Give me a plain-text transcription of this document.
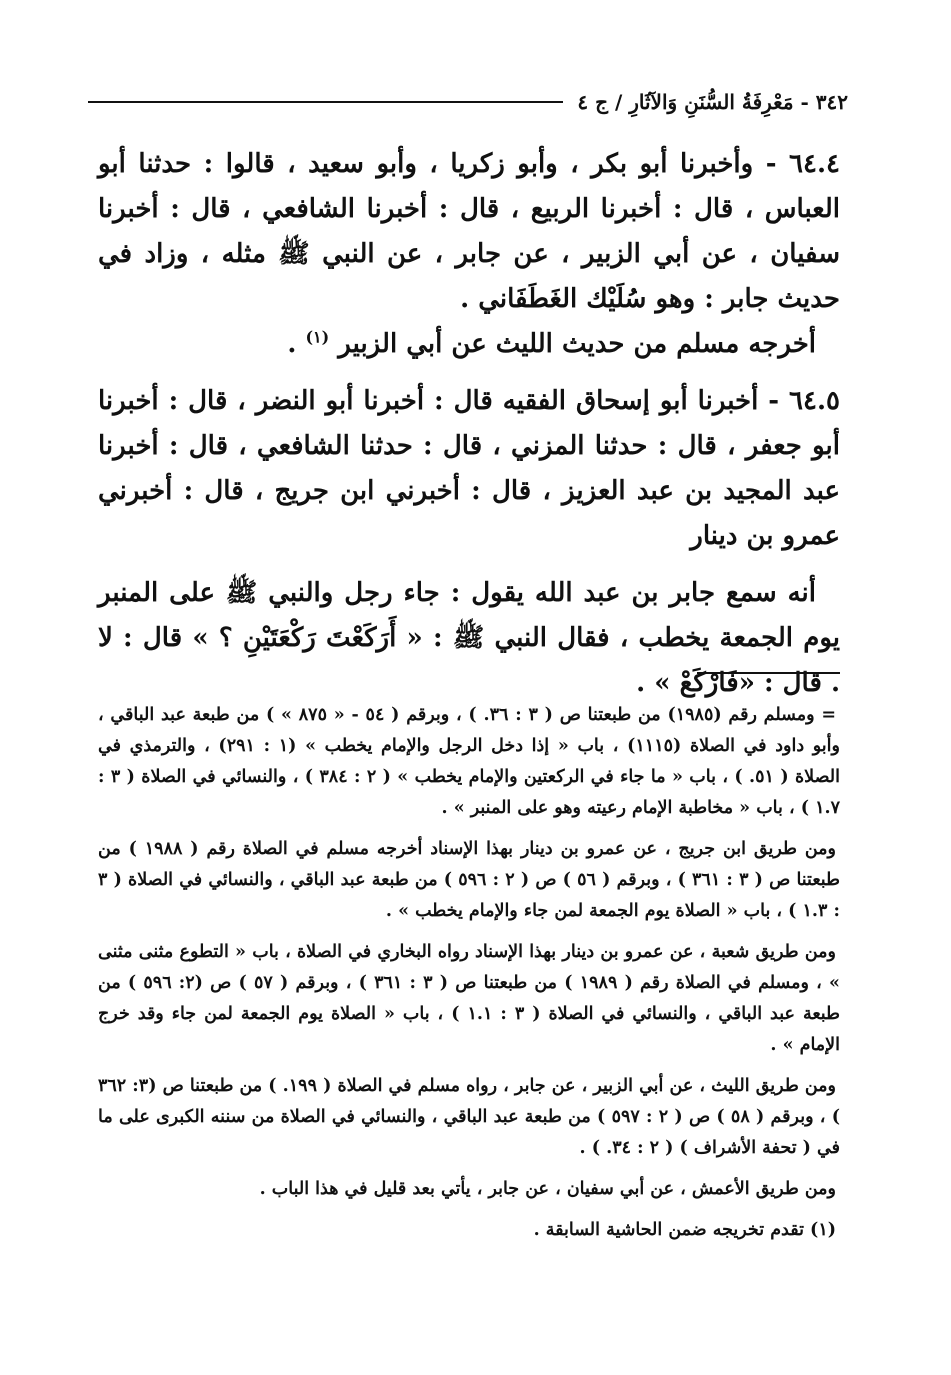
٣٤٢ - مَعْرِفَةُ السُّنَنِ وَالآثَارِ / ج ٤

٦٤.٤ - وأخبرنا أبو بكر ، وأبو زكريا ، وأبو سعيد ، قالوا : حدثنا أبو العباس ، قال : أخبرنا الربيع ، قال : أخبرنا الشافعي ، قال : أخبرنا سفيان ، عن أبي الزبير ، عن جابر ، عن النبي ﷺ مثله ، وزاد في حديث جابر : وهو سُلَيْك الغَطَفَاني .

أخرجه مسلم من حديث الليث عن أبي الزبير $^{(١)}$ .

٦٤.٥ - أخبرنا أبو إسحاق الفقيه قال : أخبرنا أبو النضر ، قال : أخبرنا أبو جعفر ، قال : حدثنا المزني ، قال : حدثنا الشافعي ، قال : أخبرنا عبد المجيد بن عبد العزيز ، قال : أخبرني ابن جريج ، قال : أخبرني عمرو بن دينار

أنه سمع جابر بن عبد الله يقول : جاء رجل والنبي ﷺ على المنبر يوم الجمعة يخطب ، فقال النبي ﷺ : « أَرَكَعْتَ رَكْعَتَيْنِ ؟ » قال : لا . قال : «فَارْكَعْ » .

= ومسلم رقم (١٩٨٥) من طبعتنا ص ( ٣ : ٣٦. ) ، وبرقم ( ٥٤ - « ٨٧٥ » ) من طبعة عبد الباقي ، وأبو داود في الصلاة (١١١٥) ، باب « إذا دخل الرجل والإمام يخطب » (١ : ٢٩١) ، والترمذي في الصلاة ( ٥١. ) ، باب « ما جاء في الركعتين والإمام يخطب » ( ٢ : ٣٨٤ ) ، والنسائي في الصلاة ( ٣ : ١.٧ ) ، باب « مخاطبة الإمام رعيته وهو على المنبر » .

ومن طريق ابن جريج ، عن عمرو بن دينار بهذا الإسناد أخرجه مسلم في الصلاة رقم ( ١٩٨٨ ) من طبعتنا ص ( ٣ : ٣٦١ ) ، وبرقم ( ٥٦ ) ص ( ٢ : ٥٩٦ ) من طبعة عبد الباقي ، والنسائي في الصلاة ( ٣ : ١.٣ ) ، باب « الصلاة يوم الجمعة لمن جاء والإمام يخطب » .

ومن طريق شعبة ، عن عمرو بن دينار بهذا الإسناد رواه البخاري في الصلاة ، باب « التطوع مثنى مثنى » ، ومسلم في الصلاة رقم ( ١٩٨٩ ) من طبعتنا ص ( ٣ : ٣٦١ ) ، وبرقم ( ٥٧ ) ص (٢: ٥٩٦ ) من طبعة عبد الباقي ، والنسائي في الصلاة ( ٣ : ١.١ ) ، باب « الصلاة يوم الجمعة لمن جاء وقد خرج الإمام » .

ومن طريق الليث ، عن أبي الزبير ، عن جابر ، رواه مسلم في الصلاة ( ١٩٩. ) من طبعتنا ص (٣: ٣٦٢ ) ، وبرقم ( ٥٨ ) ص ( ٢ : ٥٩٧ ) من طبعة عبد الباقي ، والنسائي في الصلاة من سننه الكبرى على ما في ( تحفة الأشراف ) ( ٢ : ٣٤. ) .

ومن طريق الأعمش ، عن أبي سفيان ، عن جابر ، يأتي بعد قليل في هذا الباب .

(١) تقدم تخريجه ضمن الحاشية السابقة .
